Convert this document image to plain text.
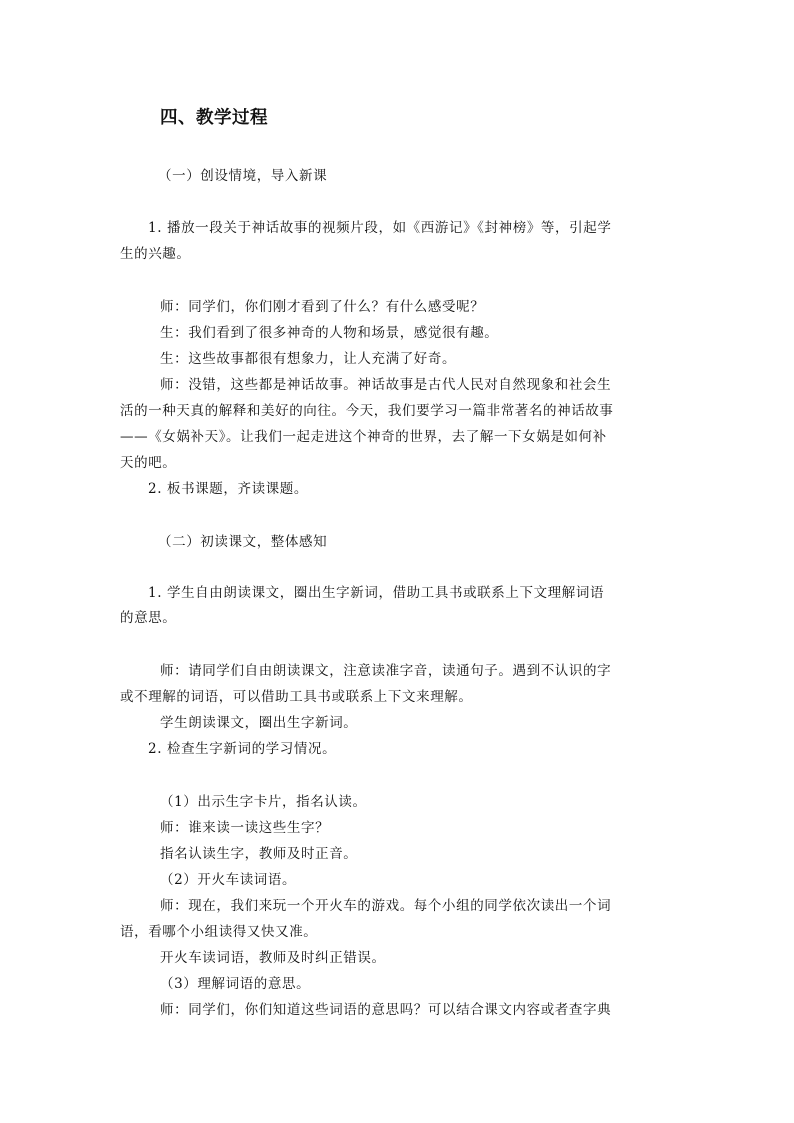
四、教学过程
（一）创设情境，导入新课
1. 播放一段关于神话故事的视频片段，如《西游记》《封神榜》等，引起学
生的兴趣。
师：同学们，你们刚才看到了什么？有什么感受呢？
生：我们看到了很多神奇的人物和场景，感觉很有趣。
生：这些故事都很有想象力，让人充满了好奇。
师：没错，这些都是神话故事。神话故事是古代人民对自然现象和社会生
活的一种天真的解释和美好的向往。今天，我们要学习一篇非常著名的神话故事
——《女娲补天》。让我们一起走进这个神奇的世界，去了解一下女娲是如何补
天的吧。
2. 板书课题，齐读课题。
（二）初读课文，整体感知
1. 学生自由朗读课文，圈出生字新词，借助工具书或联系上下文理解词语
的意思。
师：请同学们自由朗读课文，注意读准字音，读通句子。遇到不认识的字
或不理解的词语，可以借助工具书或联系上下文来理解。
学生朗读课文，圈出生字新词。
2. 检查生字新词的学习情况。
（1）出示生字卡片，指名认读。
师：谁来读一读这些生字？
指名认读生字，教师及时正音。
（2）开火车读词语。
师：现在，我们来玩一个开火车的游戏。每个小组的同学依次读出一个词
语，看哪个小组读得又快又准。
开火车读词语，教师及时纠正错误。
（3）理解词语的意思。
师：同学们，你们知道这些词语的意思吗？可以结合课文内容或者查字典
